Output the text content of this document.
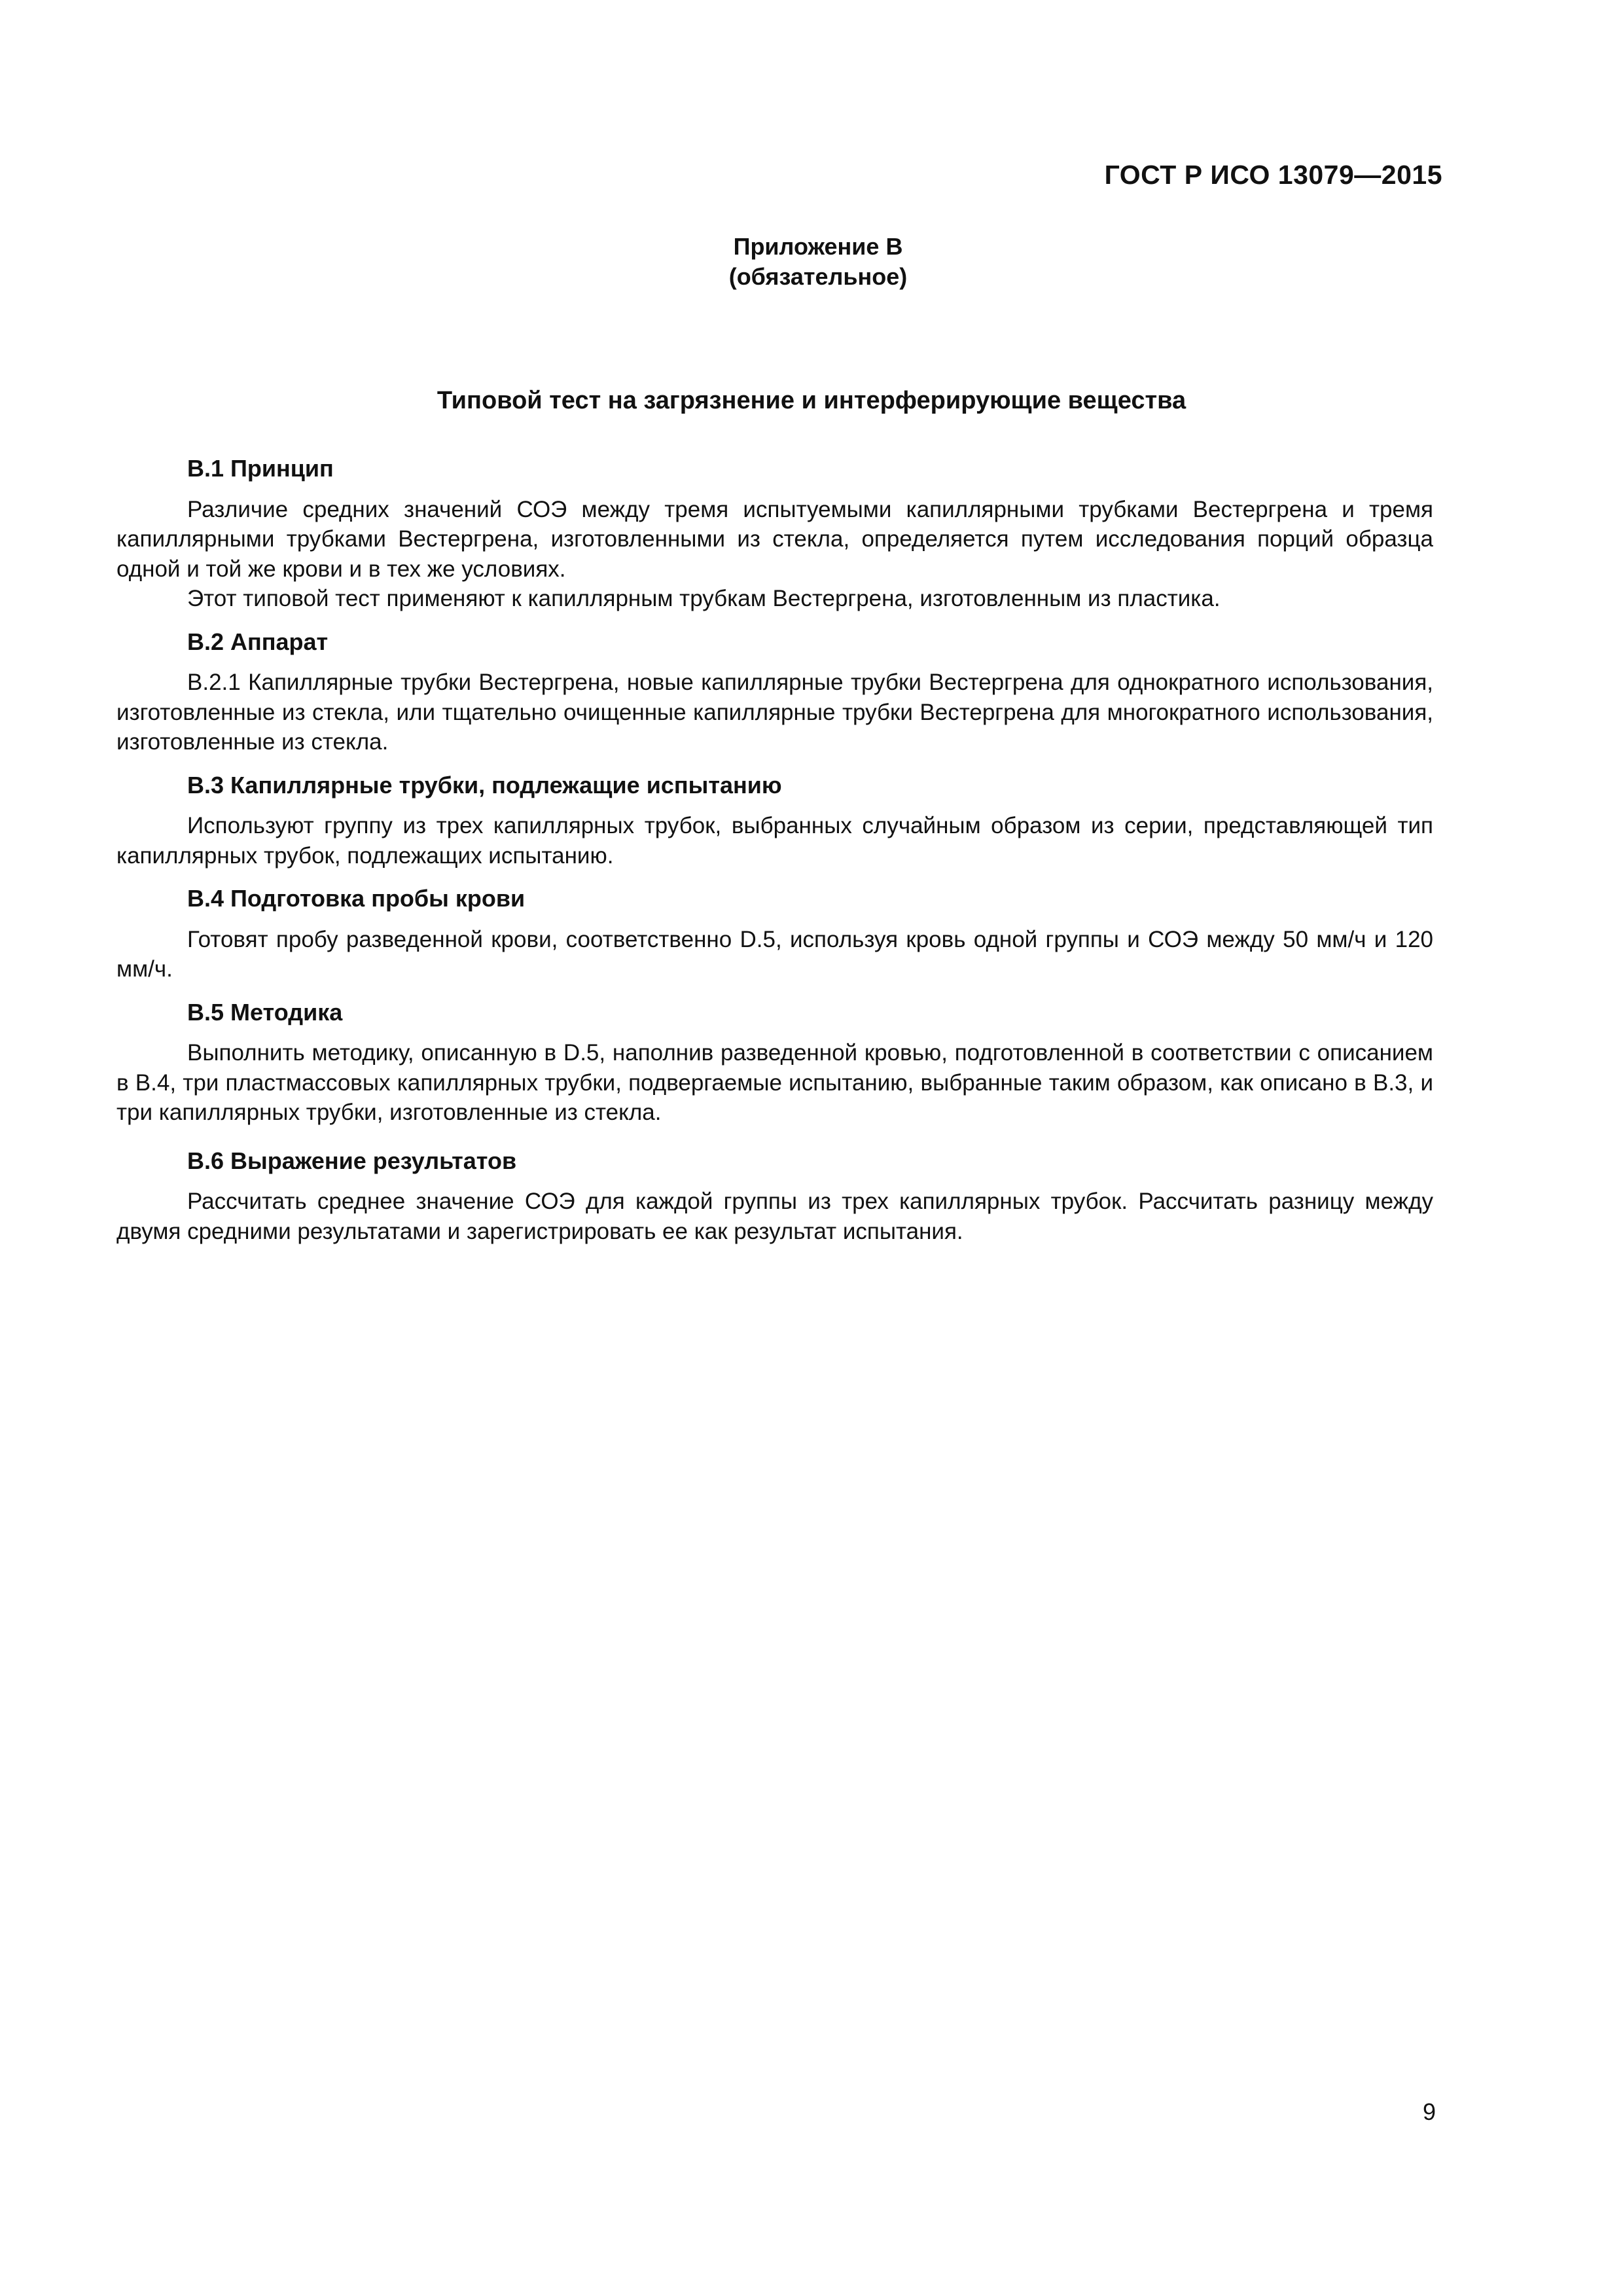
ГОСТ Р ИСО 13079—2015
Приложение В
(обязательное)
Типовой тест на загрязнение и интерферирующие вещества
В.1 Принцип

Различие средних значений СОЭ между тремя испытуемыми капиллярными трубками Вестергрена и тремя капиллярными трубками Вестергрена, изготовленными из стекла, определяется путем исследования порций образца одной и той же крови и в тех же условиях.

Этот типовой тест применяют к капиллярным трубкам Вестергрена, изготовленным из пластика.

В.2 Аппарат

В.2.1 Капиллярные трубки Вестергрена, новые капиллярные трубки Вестергрена для однократного использования, изготовленные из стекла, или тщательно очищенные капиллярные трубки Вестергрена для многократного использования, изготовленные из стекла.

В.3 Капиллярные трубки, подлежащие испытанию

Используют группу из трех капиллярных трубок, выбранных случайным образом из серии, представляющей тип капиллярных трубок, подлежащих испытанию.

В.4 Подготовка пробы крови

Готовят пробу разведенной крови, соответственно D.5, используя кровь одной группы и СОЭ между 50 мм/ч и 120 мм/ч.

В.5 Методика

Выполнить методику, описанную в D.5, наполнив разведенной кровью, подготовленной в соответствии с описанием в В.4, три пластмассовых капиллярных трубки, подвергаемые испытанию, выбранные таким образом, как описано в В.3, и три капиллярных трубки, изготовленные из стекла.

В.6 Выражение результатов

Рассчитать среднее значение СОЭ для каждой группы из трех капиллярных трубок. Рассчитать разницу между двумя средними результатами и зарегистрировать ее как результат испытания.

9
